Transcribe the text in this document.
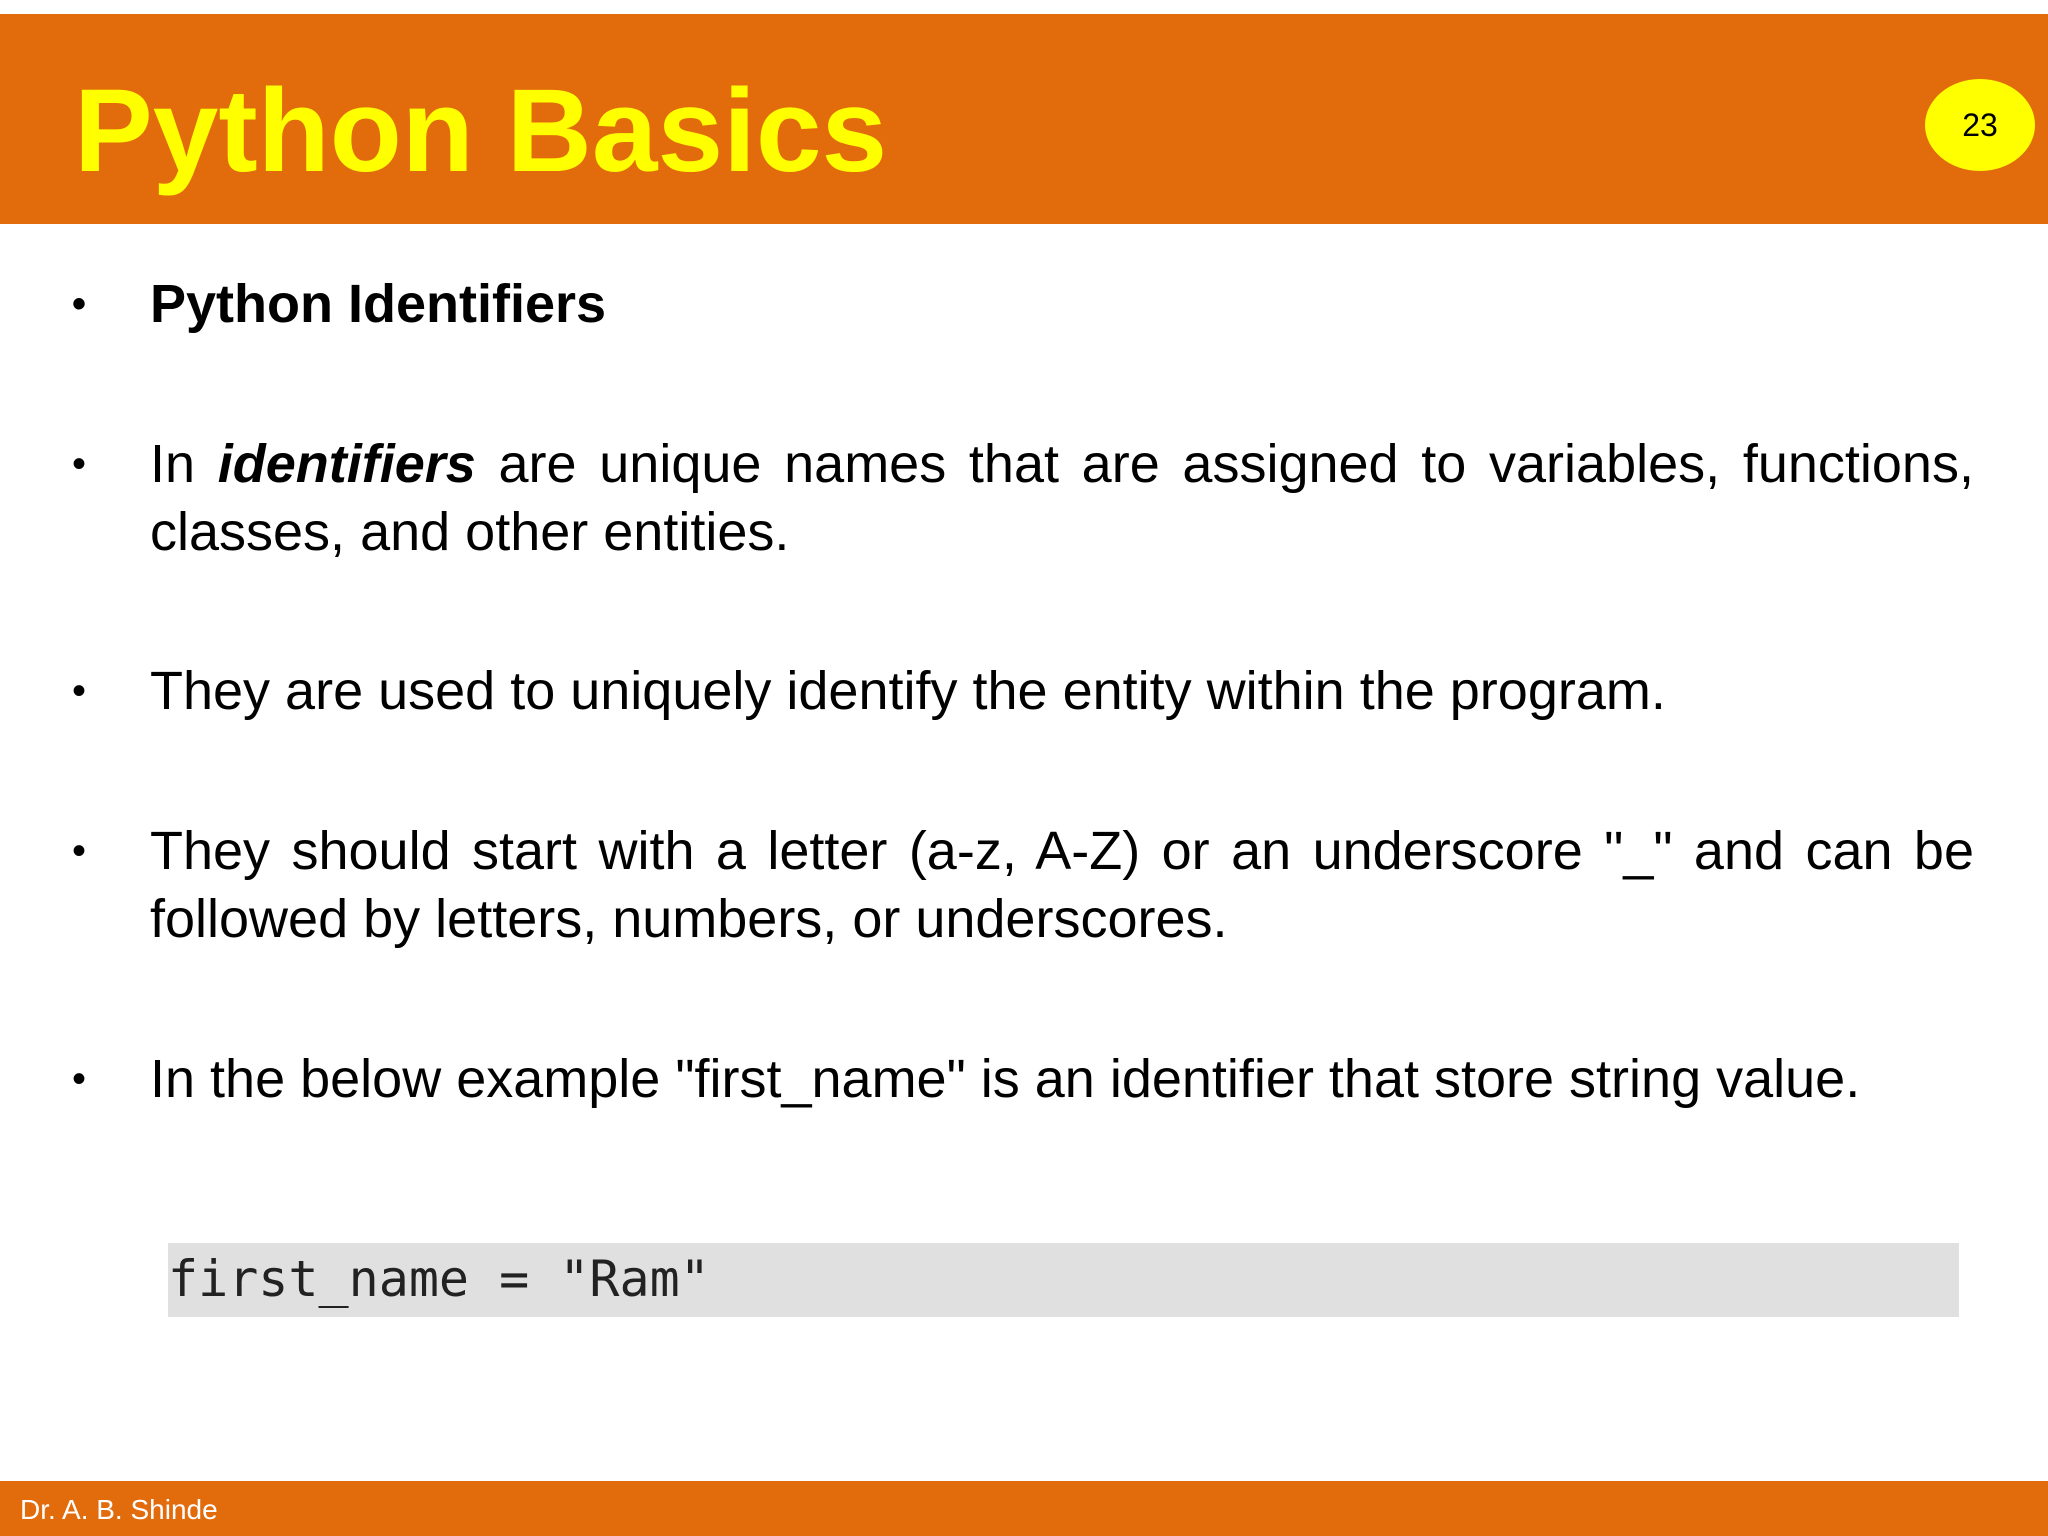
Python Basics	23
• Python Identifiers
• In identifiers are unique names that are assigned to variables, functions, classes, and other entities.
• They are used to uniquely identify the entity within the program.
• They should start with a letter (a-z, A-Z) or an underscore "_" and can be followed by letters, numbers, or underscores.
• In the below example "first_name" is an identifier that store string value.
first_name = "Ram"
Dr. A. B. Shinde
